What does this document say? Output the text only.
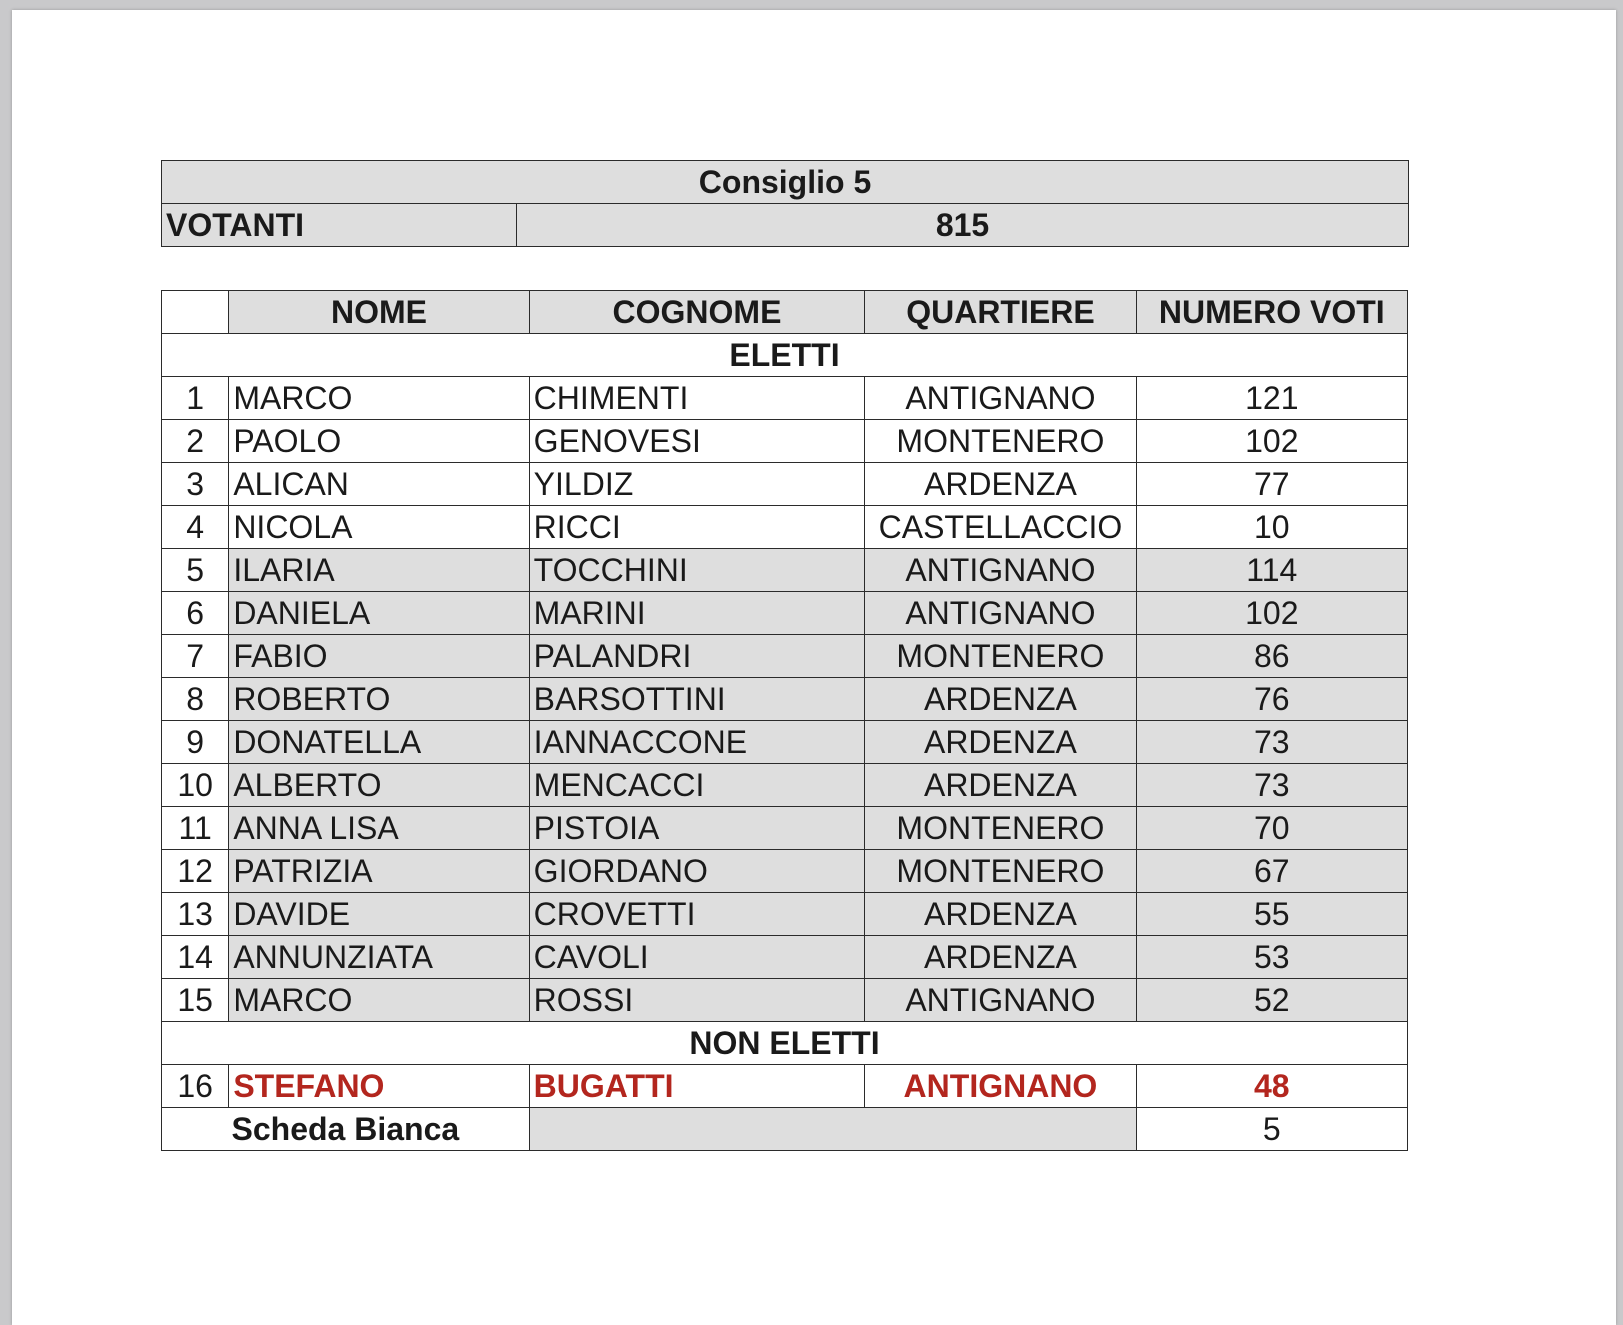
Consiglio 5
VOTANTI	815
	NOME	COGNOME	QUARTIERE	NUMERO VOTI
ELETTI				
1	MARCO	CHIMENTI	ANTIGNANO	121
2	PAOLO	GENOVESI	MONTENERO	102
3	ALICAN	YILDIZ	ARDENZA	77
4	NICOLA	RICCI	CASTELLACCIO	10
5	ILARIA	TOCCHINI	ANTIGNANO	114
6	DANIELA	MARINI	ANTIGNANO	102
7	FABIO	PALANDRI	MONTENERO	86
8	ROBERTO	BARSOTTINI	ARDENZA	76
9	DONATELLA	IANNACCONE	ARDENZA	73
10	ALBERTO	MENCACCI	ARDENZA	73
11	ANNA LISA	PISTOIA	MONTENERO	70
12	PATRIZIA	GIORDANO	MONTENERO	67
13	DAVIDE	CROVETTI	ARDENZA	55
14	ANNUNZIATA	CAVOLI	ARDENZA	53
15	MARCO	ROSSI	ANTIGNANO	52
NON ELETTI				
16	STEFANO	BUGATTI	ANTIGNANO	48
Scheda Bianca				5
